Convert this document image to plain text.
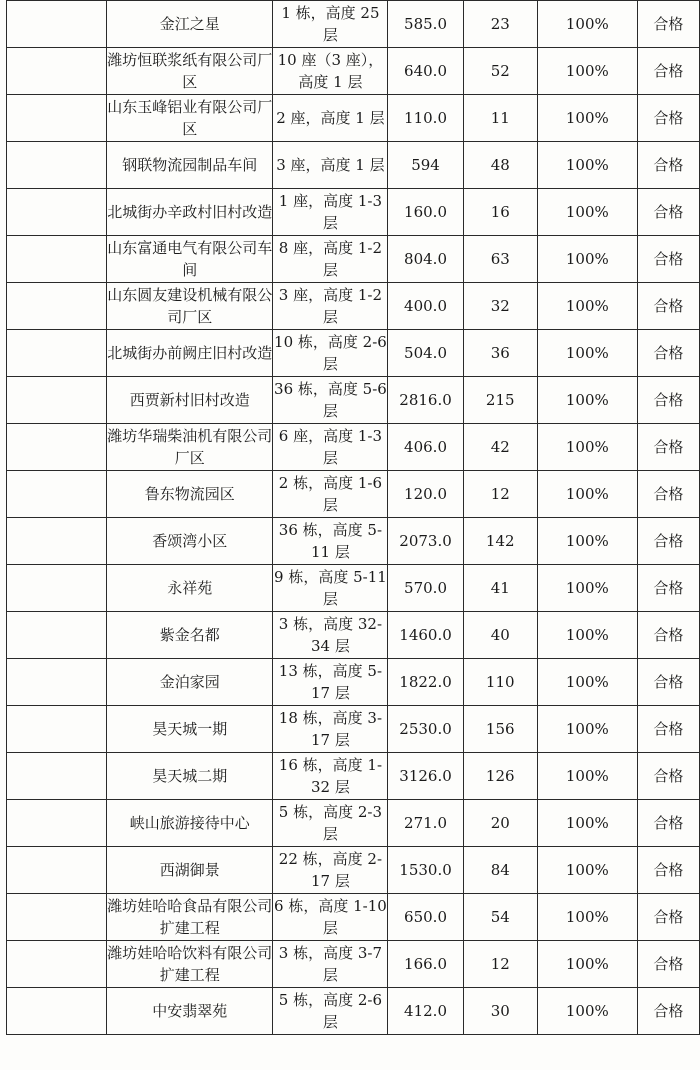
	金江之星	1 栋，高度 25 层	585.0	23	100%	合格
	潍坊恒联浆纸有限公司厂区	10 座（3 座），高度 1 层	640.0	52	100%	合格
	山东玉峰铝业有限公司厂区	2 座，高度 1 层	110.0	11	100%	合格
	钢联物流园制品车间	3 座，高度 1 层	594	48	100%	合格
	北城街办辛政村旧村改造	1 座，高度 1-3 层	160.0	16	100%	合格
	山东富通电气有限公司车间	8 座，高度 1-2 层	804.0	63	100%	合格
	山东圆友建设机械有限公司厂区	3 座，高度 1-2 层	400.0	32	100%	合格
	北城街办前阙庄旧村改造	10 栋，高度 2-6 层	504.0	36	100%	合格
	西贾新村旧村改造	36 栋，高度 5-6 层	2816.0	215	100%	合格
	潍坊华瑞柴油机有限公司厂区	6 座，高度 1-3 层	406.0	42	100%	合格
	鲁东物流园区	2 栋，高度 1-6 层	120.0	12	100%	合格
	香颂湾小区	36 栋，高度 5-11 层	2073.0	142	100%	合格
	永祥苑	9 栋，高度 5-11 层	570.0	41	100%	合格
	紫金名都	3 栋，高度 32-34 层	1460.0	40	100%	合格
	金泊家园	13 栋，高度 5-17 层	1822.0	110	100%	合格
	昊天城一期	18 栋，高度 3-17 层	2530.0	156	100%	合格
	昊天城二期	16 栋，高度 1-32 层	3126.0	126	100%	合格
	峡山旅游接待中心	5 栋，高度 2-3 层	271.0	20	100%	合格
	西湖御景	22 栋，高度 2-17 层	1530.0	84	100%	合格
	潍坊娃哈哈食品有限公司扩建工程	6 栋，高度 1-10 层	650.0	54	100%	合格
	潍坊娃哈哈饮料有限公司扩建工程	3 栋，高度 3-7 层	166.0	12	100%	合格
	中安翡翠苑	5 栋，高度 2-6 层	412.0	30	100%	合格
